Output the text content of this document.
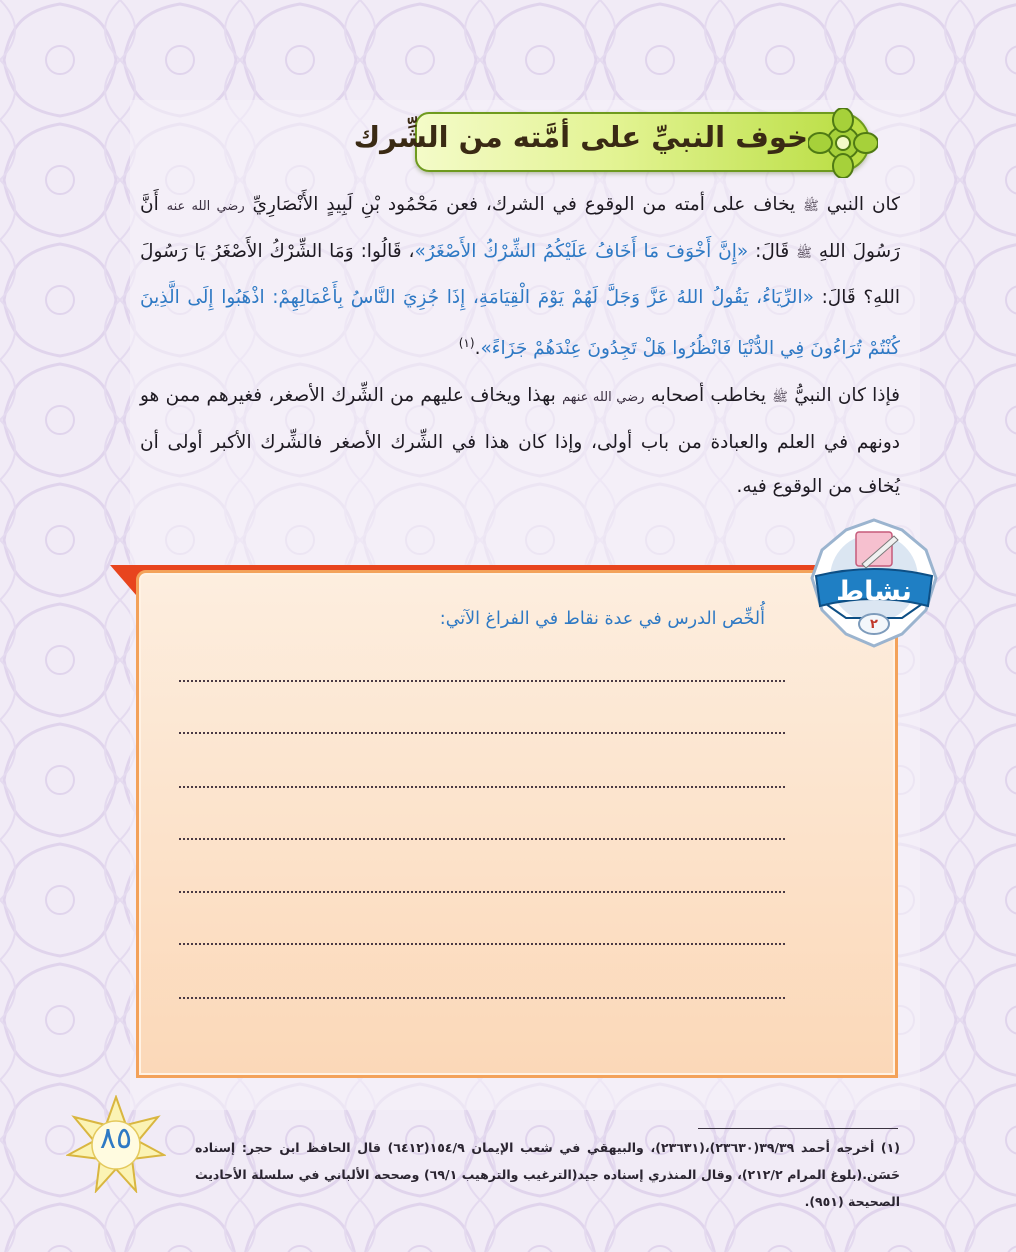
خوف النبيِّ على أمَّته من الشِّرك

كان النبي ﷺ يخاف على أمته من الوقوع في الشرك، فعن مَحْمُود بْنِ لَبِيدٍ الأَنْصَارِيِّ رضي الله عنه أَنَّ رَسُولَ اللهِ ﷺ قَالَ: «إِنَّ أَخْوَفَ مَا أَخَافُ عَلَيْكُمُ الشِّرْكُ الأَصْغَرُ»، قَالُوا: وَمَا الشِّرْكُ الأَصْغَرُ يَا رَسُولَ اللهِ؟ قَالَ: «الرِّيَاءُ، يَقُولُ اللهُ عَزَّ وَجَلَّ لَهُمْ يَوْمَ الْقِيَامَةِ، إِذَا جُزِيَ النَّاسُ بِأَعْمَالِهِمْ: اذْهَبُوا إِلَى الَّذِينَ كُنْتُمْ تُرَاءُونَ فِي الدُّنْيَا فَانْظُرُوا هَلْ تَجِدُونَ عِنْدَهُمْ جَزَاءً».$^{(١)}$

فإذا كان النبيُّ ﷺ يخاطب أصحابه رضي الله عنهم بهذا ويخاف عليهم من الشِّرك الأصغر، فغيرهم ممن هو دونهم في العلم والعبادة من باب أولى، وإذا كان هذا في الشِّرك الأصغر فالشِّرك الأكبر أولى أن يُخاف من الوقوع فيه.

أُلخِّص الدرس في عدة نقاط في الفراغ الآتي:
نشاط
٢

(١) أخرجه أحمد ٣٩/٣٩(٢٣٦٣٠)،(٢٣٦٣١)، والبيهقي في شعب الإيمان ١٥٤/٩(٦٤١٢) قال الحافظ ابن حجر: إسناده حَسَن.(بلوغ المرام ٢١٢/٢)، وقال المنذري إسناده جيد(الترغيب والترهيب ٦٩/١) وصححه الألباني في سلسلة الأحاديث الصحيحة (٩٥١).

٨٥
